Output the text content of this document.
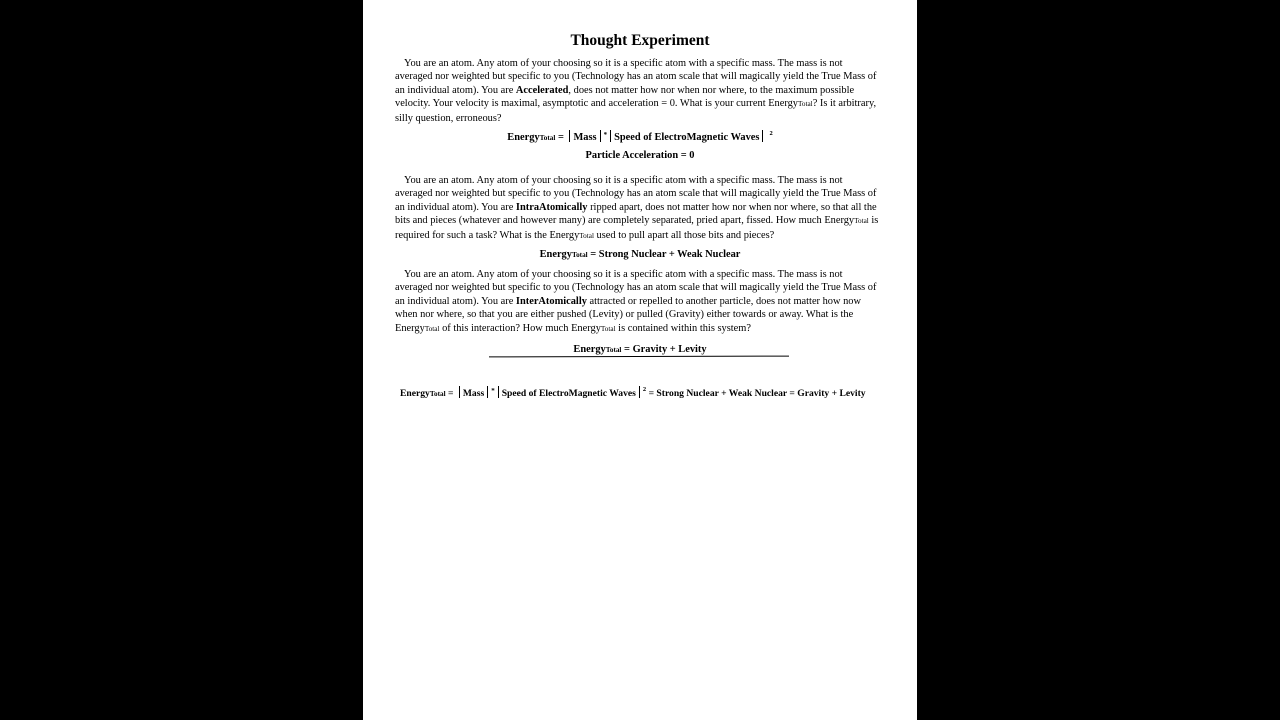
Thought Experiment

You are an atom. Any atom of your choosing so it is a specific atom with a specific mass. The mass is not averaged nor weighted but specific to you (Technology has an atom scale that will magically yield the True Mass of an individual atom). You are Accelerated, does not matter how nor when nor where, to the maximum possible velocity. Your velocity is maximal, asymptotic and acceleration = 0. What is your current EnergyTotal? Is it arbitrary, silly question, erroneous?

EnergyTotal = Mass * Speed of ElectroMagnetic Waves $^2$
Particle Acceleration = 0

You are an atom. Any atom of your choosing so it is a specific atom with a specific mass. The mass is not averaged nor weighted but specific to you (Technology has an atom scale that will magically yield the True Mass of an individual atom). You are IntraAtomically ripped apart, does not matter how nor when nor where, so that all the bits and pieces (whatever and however many) are completely separated, pried apart, fissed. How much EnergyTotal is required for such a task? What is the EnergyTotal used to pull apart all those bits and pieces?

EnergyTotal = Strong Nuclear + Weak Nuclear

You are an atom. Any atom of your choosing so it is a specific atom with a specific mass. The mass is not averaged nor weighted but specific to you (Technology has an atom scale that will magically yield the True Mass of an individual atom). You are InterAtomically attracted or repelled to another particle, does not matter how now when nor where, so that you are either pushed (Levity) or pulled (Gravity) either towards or away. What is the EnergyTotal of this interaction? How much EnergyTotal is contained within this system?

EnergyTotal = Gravity + Levity
EnergyTotal = Mass * Speed of ElectroMagnetic Waves $^2$ = Strong Nuclear + Weak Nuclear = Gravity + Levity
